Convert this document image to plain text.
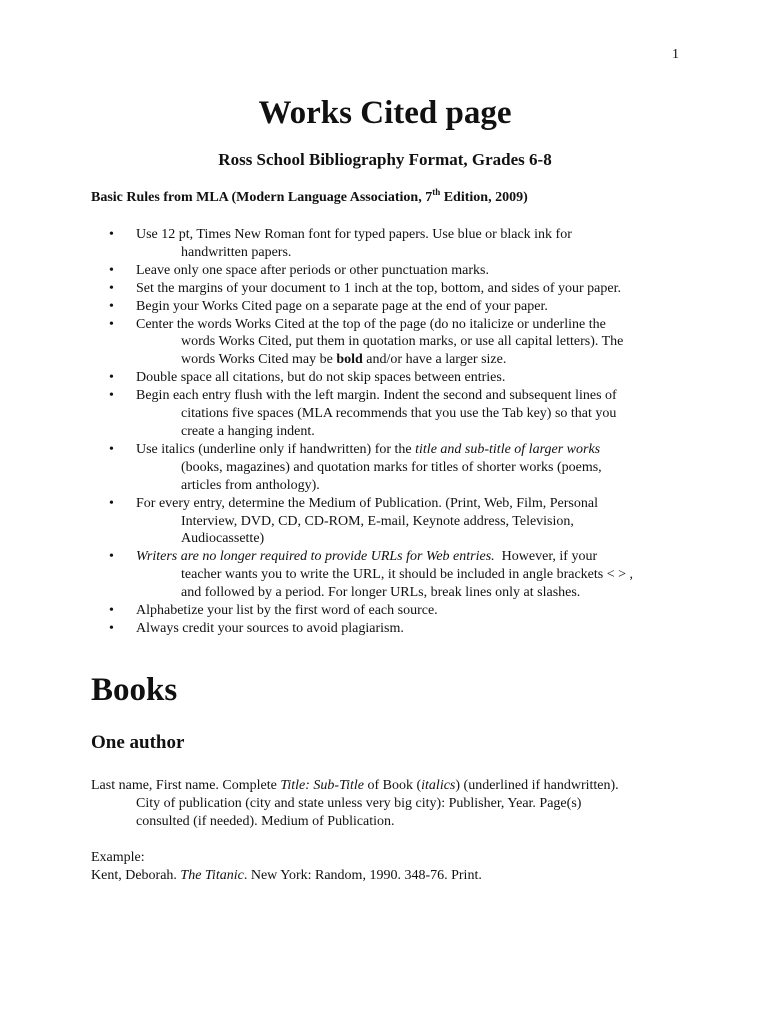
1
Works Cited page
Ross School Bibliography Format, Grades 6-8
Basic Rules from MLA (Modern Language Association, 7th Edition, 2009)
• Use 12 pt, Times New Roman font for typed papers. Use blue or black ink for
handwritten papers.
• Leave only one space after periods or other punctuation marks.
• Set the margins of your document to 1 inch at the top, bottom, and sides of your paper.
• Begin your Works Cited page on a separate page at the end of your paper.
• Center the words Works Cited at the top of the page (do no italicize or underline the
words Works Cited, put them in quotation marks, or use all capital letters). The
words Works Cited may be bold and/or have a larger size.
• Double space all citations, but do not skip spaces between entries.
• Begin each entry flush with the left margin. Indent the second and subsequent lines of
citations five spaces (MLA recommends that you use the Tab key) so that you
create a hanging indent.
• Use italics (underline only if handwritten) for the title and sub-title of larger works
(books, magazines) and quotation marks for titles of shorter works (poems,
articles from anthology).
• For every entry, determine the Medium of Publication. (Print, Web, Film, Personal
Interview, DVD, CD, CD-ROM, E-mail, Keynote address, Television,
Audiocassette)
• Writers are no longer required to provide URLs for Web entries.  However, if your
teacher wants you to write the URL, it should be included in angle brackets < > ,
and followed by a period. For longer URLs, break lines only at slashes.
• Alphabetize your list by the first word of each source.
• Always credit your sources to avoid plagiarism.
Books
One author
Last name, First name. Complete Title: Sub-Title of Book (italics) (underlined if handwritten).
City of publication (city and state unless very big city): Publisher, Year. Page(s)
consulted (if needed). Medium of Publication.
Example:
Kent, Deborah. The Titanic. New York: Random, 1990. 348-76. Print.
